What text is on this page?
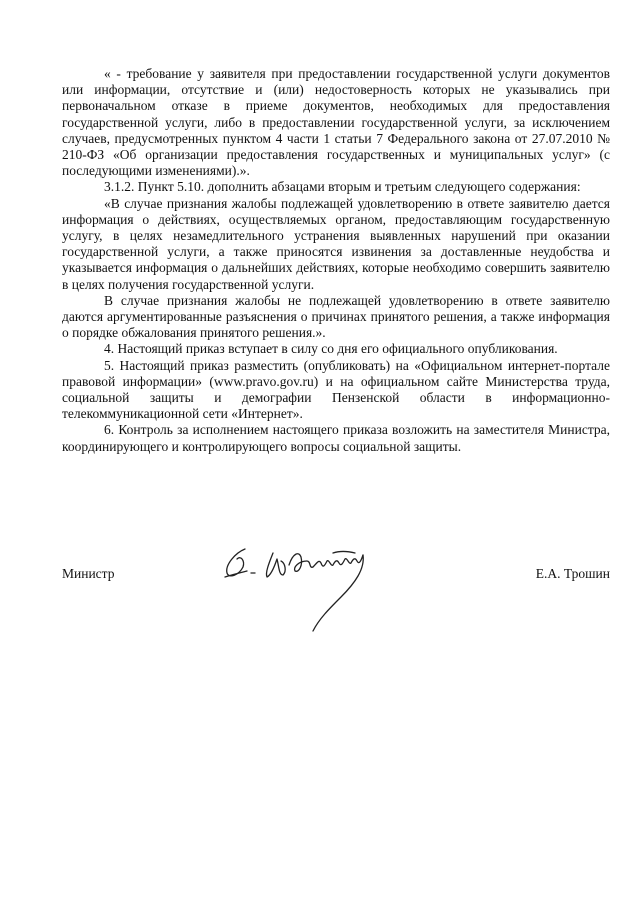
« - требование у заявителя при предоставлении государственной услуги документов или информации, отсутствие и (или) недостоверность которых не указывались при первоначальном отказе в приеме документов, необходимых для предоставления государственной услуги, либо в предоставлении государственной услуги, за исключением случаев, предусмотренных пунктом 4 части 1 статьи 7 Федерального закона от 27.07.2010 № 210-ФЗ «Об организации предоставления государственных и муниципальных услуг» (с последующими изменениями).».

3.1.2. Пункт 5.10. дополнить абзацами вторым и третьим следующего содержания:

«В случае признания жалобы подлежащей удовлетворению в ответе заявителю дается информация о действиях, осуществляемых органом, предоставляющим государственную услугу, в целях незамедлительного устранения выявленных нарушений при оказании государственной услуги, а также приносятся извинения за доставленные неудобства и указывается информация о дальнейших действиях, которые необходимо совершить заявителю в целях получения государственной услуги.

В случае признания жалобы не подлежащей удовлетворению в ответе заявителю даются аргументированные разъяснения о причинах принятого решения, а также информация о порядке обжалования принятого решения.».

4. Настоящий приказ вступает в силу со дня его официального опубликования.

5. Настоящий приказ разместить (опубликовать) на «Официальном интернет-портале правовой информации» (www.pravo.gov.ru) и на официальном сайте Министерства труда, социальной защиты и демографии Пензенской области в информационно-телекоммуникационной сети «Интернет».

6. Контроль за исполнением настоящего приказа возложить на заместителя Министра, координирующего и контролирующего вопросы социальной защиты.

Министр	Е.А. Трошин
